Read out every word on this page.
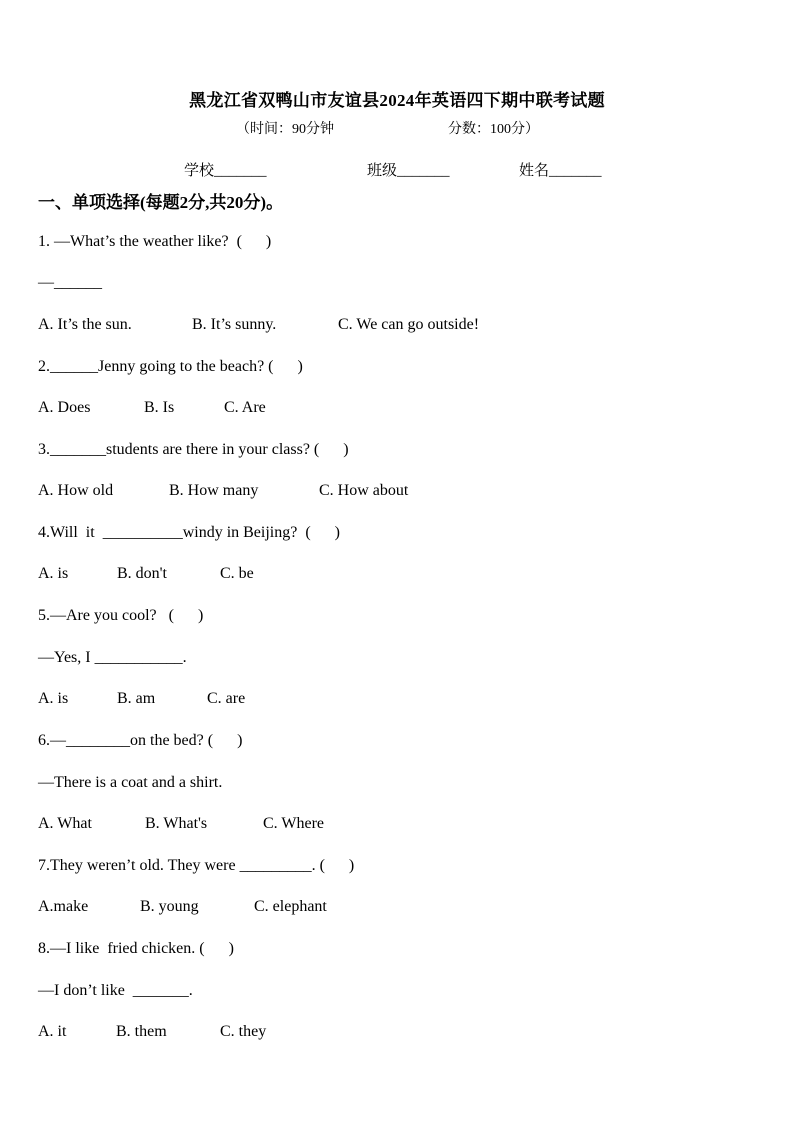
黑龙江省双鸭山市友谊县2024年英语四下期中联考试题
（时间：90分钟	分数：100分）
学校_______	班级_______	姓名_______
一、单项选择(每题2分,共20分)。
1. —What’s the weather like?  (      )
—______
A. It’s the sun.	B. It’s sunny.	C. We can go outside!
2.______Jenny going to the beach? (      )
A. Does	B. Is	C. Are
3._______students are there in your class? (      )
A. How old	B. How many	C. How about
4.Will  it  __________windy in Beijing?  (      )
A. is	B. don't	C. be
5.—Are you cool?   (      )
—Yes, I ___________.
A. is	B. am	C. are
6.—________on the bed? (      )
—There is a coat and a shirt.
A. What	B. What's	C. Where
7.They weren’t old. They were _________. (      )
A.make	B. young	C. elephant
8.—I like  fried chicken. (      )
—I don’t like  _______.
A. it	B. them	C. they
